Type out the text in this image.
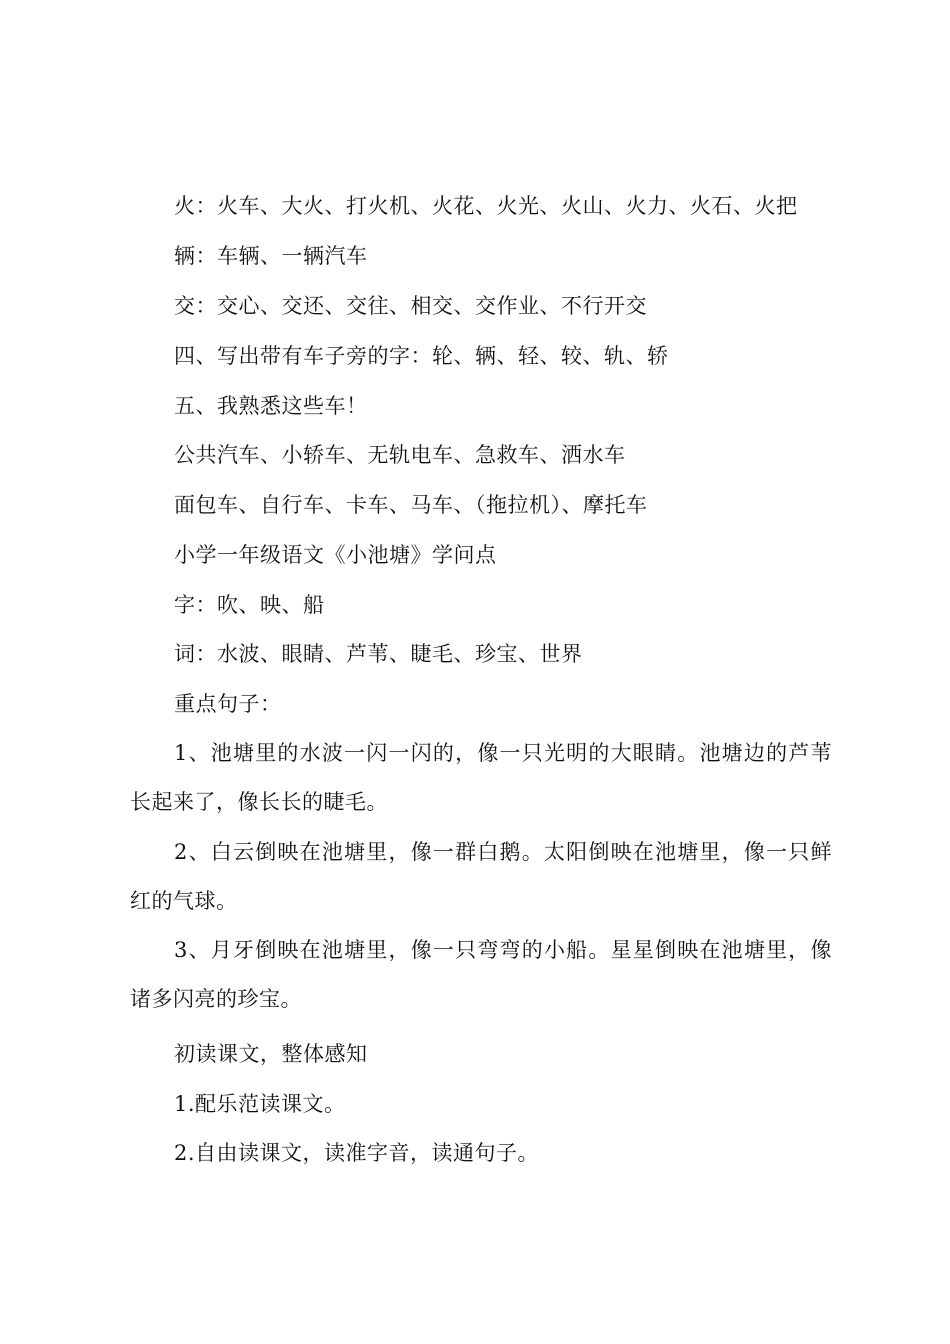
火：火车、大火、打火机、火花、火光、火山、火力、火石、火把
辆：车辆、一辆汽车
交：交心、交还、交往、相交、交作业、不行开交
四、写出带有车子旁的字：轮、辆、轻、较、轨、轿
五、我熟悉这些车！
公共汽车、小轿车、无轨电车、急救车、洒水车
面包车、自行车、卡车、马车、（拖拉机）、摩托车
小学一年级语文《小池塘》学问点
字：吹、映、船
词：水波、眼睛、芦苇、睫毛、珍宝、世界
重点句子：
1、池塘里的水波一闪一闪的，像一只光明的大眼睛。池塘边的芦苇长起来了，像长长的睫毛。
2、白云倒映在池塘里，像一群白鹅。太阳倒映在池塘里，像一只鲜红的气球。
3、月牙倒映在池塘里，像一只弯弯的小船。星星倒映在池塘里，像诸多闪亮的珍宝。
初读课文，整体感知
1.配乐范读课文。
2.自由读课文，读准字音，读通句子。
